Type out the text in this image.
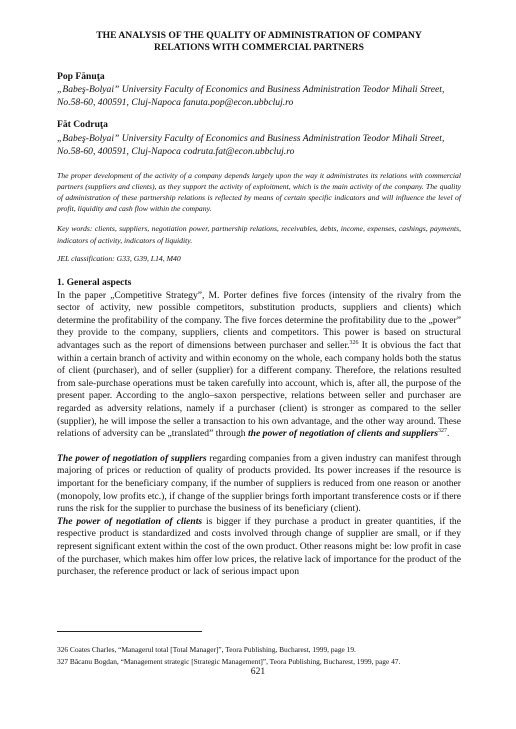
THE ANALYSIS OF THE QUALITY OF ADMINISTRATION OF COMPANY
RELATIONS WITH COMMERCIAL PARTNERS

Pop Fănuţa

„Babeş-Bolyai” University Faculty of Economics and Business Administration Teodor Mihali Street, No.58-60, 400591, Cluj-Napoca fanuta.pop@econ.ubbcluj.ro

Făt Codruţa

„Babeş-Bolyai” University Faculty of Economics and Business Administration Teodor Mihali Street, No.58-60, 400591, Cluj-Napoca codruta.fat@econ.ubbcluj.ro

The proper development of the activity of a company depends largely upon the way it administrates its relations with commercial partners (suppliers and clients), as they support the activity of exploitment, which is the main activity of the company. The quality of administration of these partnership relations is reflected by means of certain specific indicators and will influence the level of profit, liquidity and cash flow within the company.

Key words: clients, suppliers, negotiation power, partnership relations, receivables, debts, income, expenses, cashings, payments, indicators of activity, indicators of liquidity.

JEL classification: G33, G39, L14, M40

1. General aspects

In the paper „Competitive Strategy”, M. Porter defines five forces (intensity of the rivalry from the sector of activity, new possible competitors, substitution products, suppliers and clients) which determine the profitability of the company. The five forces determine the profitability due to the „power” they provide to the company, suppliers, clients and competitors. This power is based on structural advantages such as the report of dimensions between purchaser and seller.$^{326}$ It is obvious the fact that within a certain branch of activity and within economy on the whole, each company holds both the status of client (purchaser), and of seller (supplier) for a different company. Therefore, the relations resulted from sale-purchase operations must be taken carefully into account, which is, after all, the purpose of the present paper. According to the anglo–saxon perspective, relations between seller and purchaser are regarded as adversity relations, namely if a purchaser (client) is stronger as compared to the seller (supplier), he will impose the seller a transaction to his own advantage, and the other way around. These relations of adversity can be „translated” through the power of negotiation of clients and suppliers$^{327}$.

The power of negotiation of suppliers regarding companies from a given industry can manifest through majoring of prices or reduction of quality of products provided. Its power increases if the resource is important for the beneficiary company, if the number of suppliers is reduced from one reason or another (monopoly, low profits etc.), if change of the supplier brings forth important transference costs or if there runs the risk for the supplier to purchase the business of its beneficiary (client).

The power of negotiation of clients is bigger if they purchase a product in greater quantities, if the respective product is standardized and costs involved through change of supplier are small, or if they represent significant extent within the cost of the own product. Other reasons might be: low profit in case of the purchaser, which makes him offer low prices, the relative lack of importance for the product of the purchaser, the reference product or lack of serious impact upon

326 Coates Charles, “Managerul total [Total Manager]”, Teora Publishing, Bucharest, 1999, page 19.
327 Băcanu Bogdan, “Management strategic [Strategic Management]”, Teora Publishing, Bucharest, 1999, page 47.
621
